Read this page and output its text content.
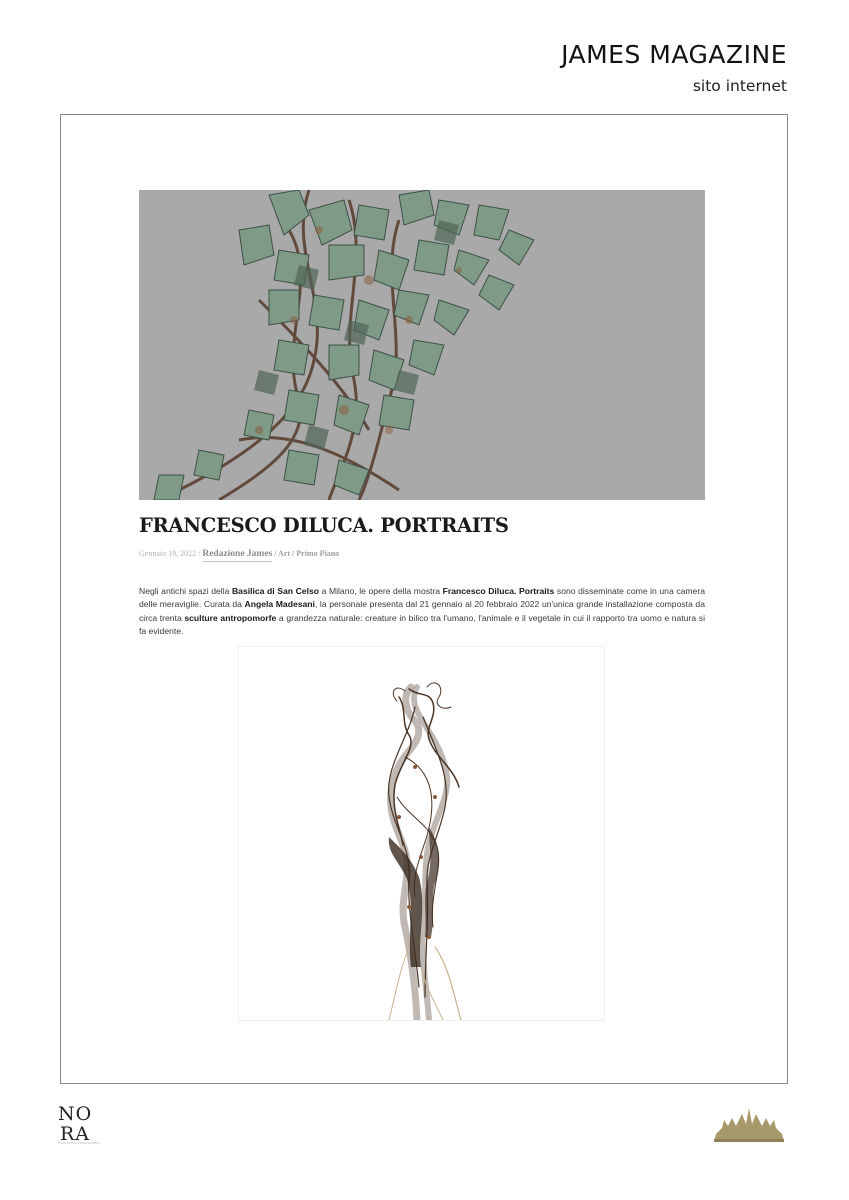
JAMES MAGAZINE
sito internet
FRANCESCO DILUCA. PORTRAITS
Gennaio 19, 2022 / Redazione James / Art / Primo Piano

Negli antichi spazi della Basilica di San Celso a Milano, le opere della mostra Francesco Diluca. Portraits sono disseminate come in una camera delle meraviglie. Curata da Angela Madesani, la personale presenta dal 21 gennaio al 20 febbraio 2022 un'unica grande installazione composta da circa trenta sculture antropomorfe a grandezza naturale: creature in bilico tra l'umano, l'animale e il vegetale in cui il rapporto tra uomo e natura si fa evidente.

NO
RA
